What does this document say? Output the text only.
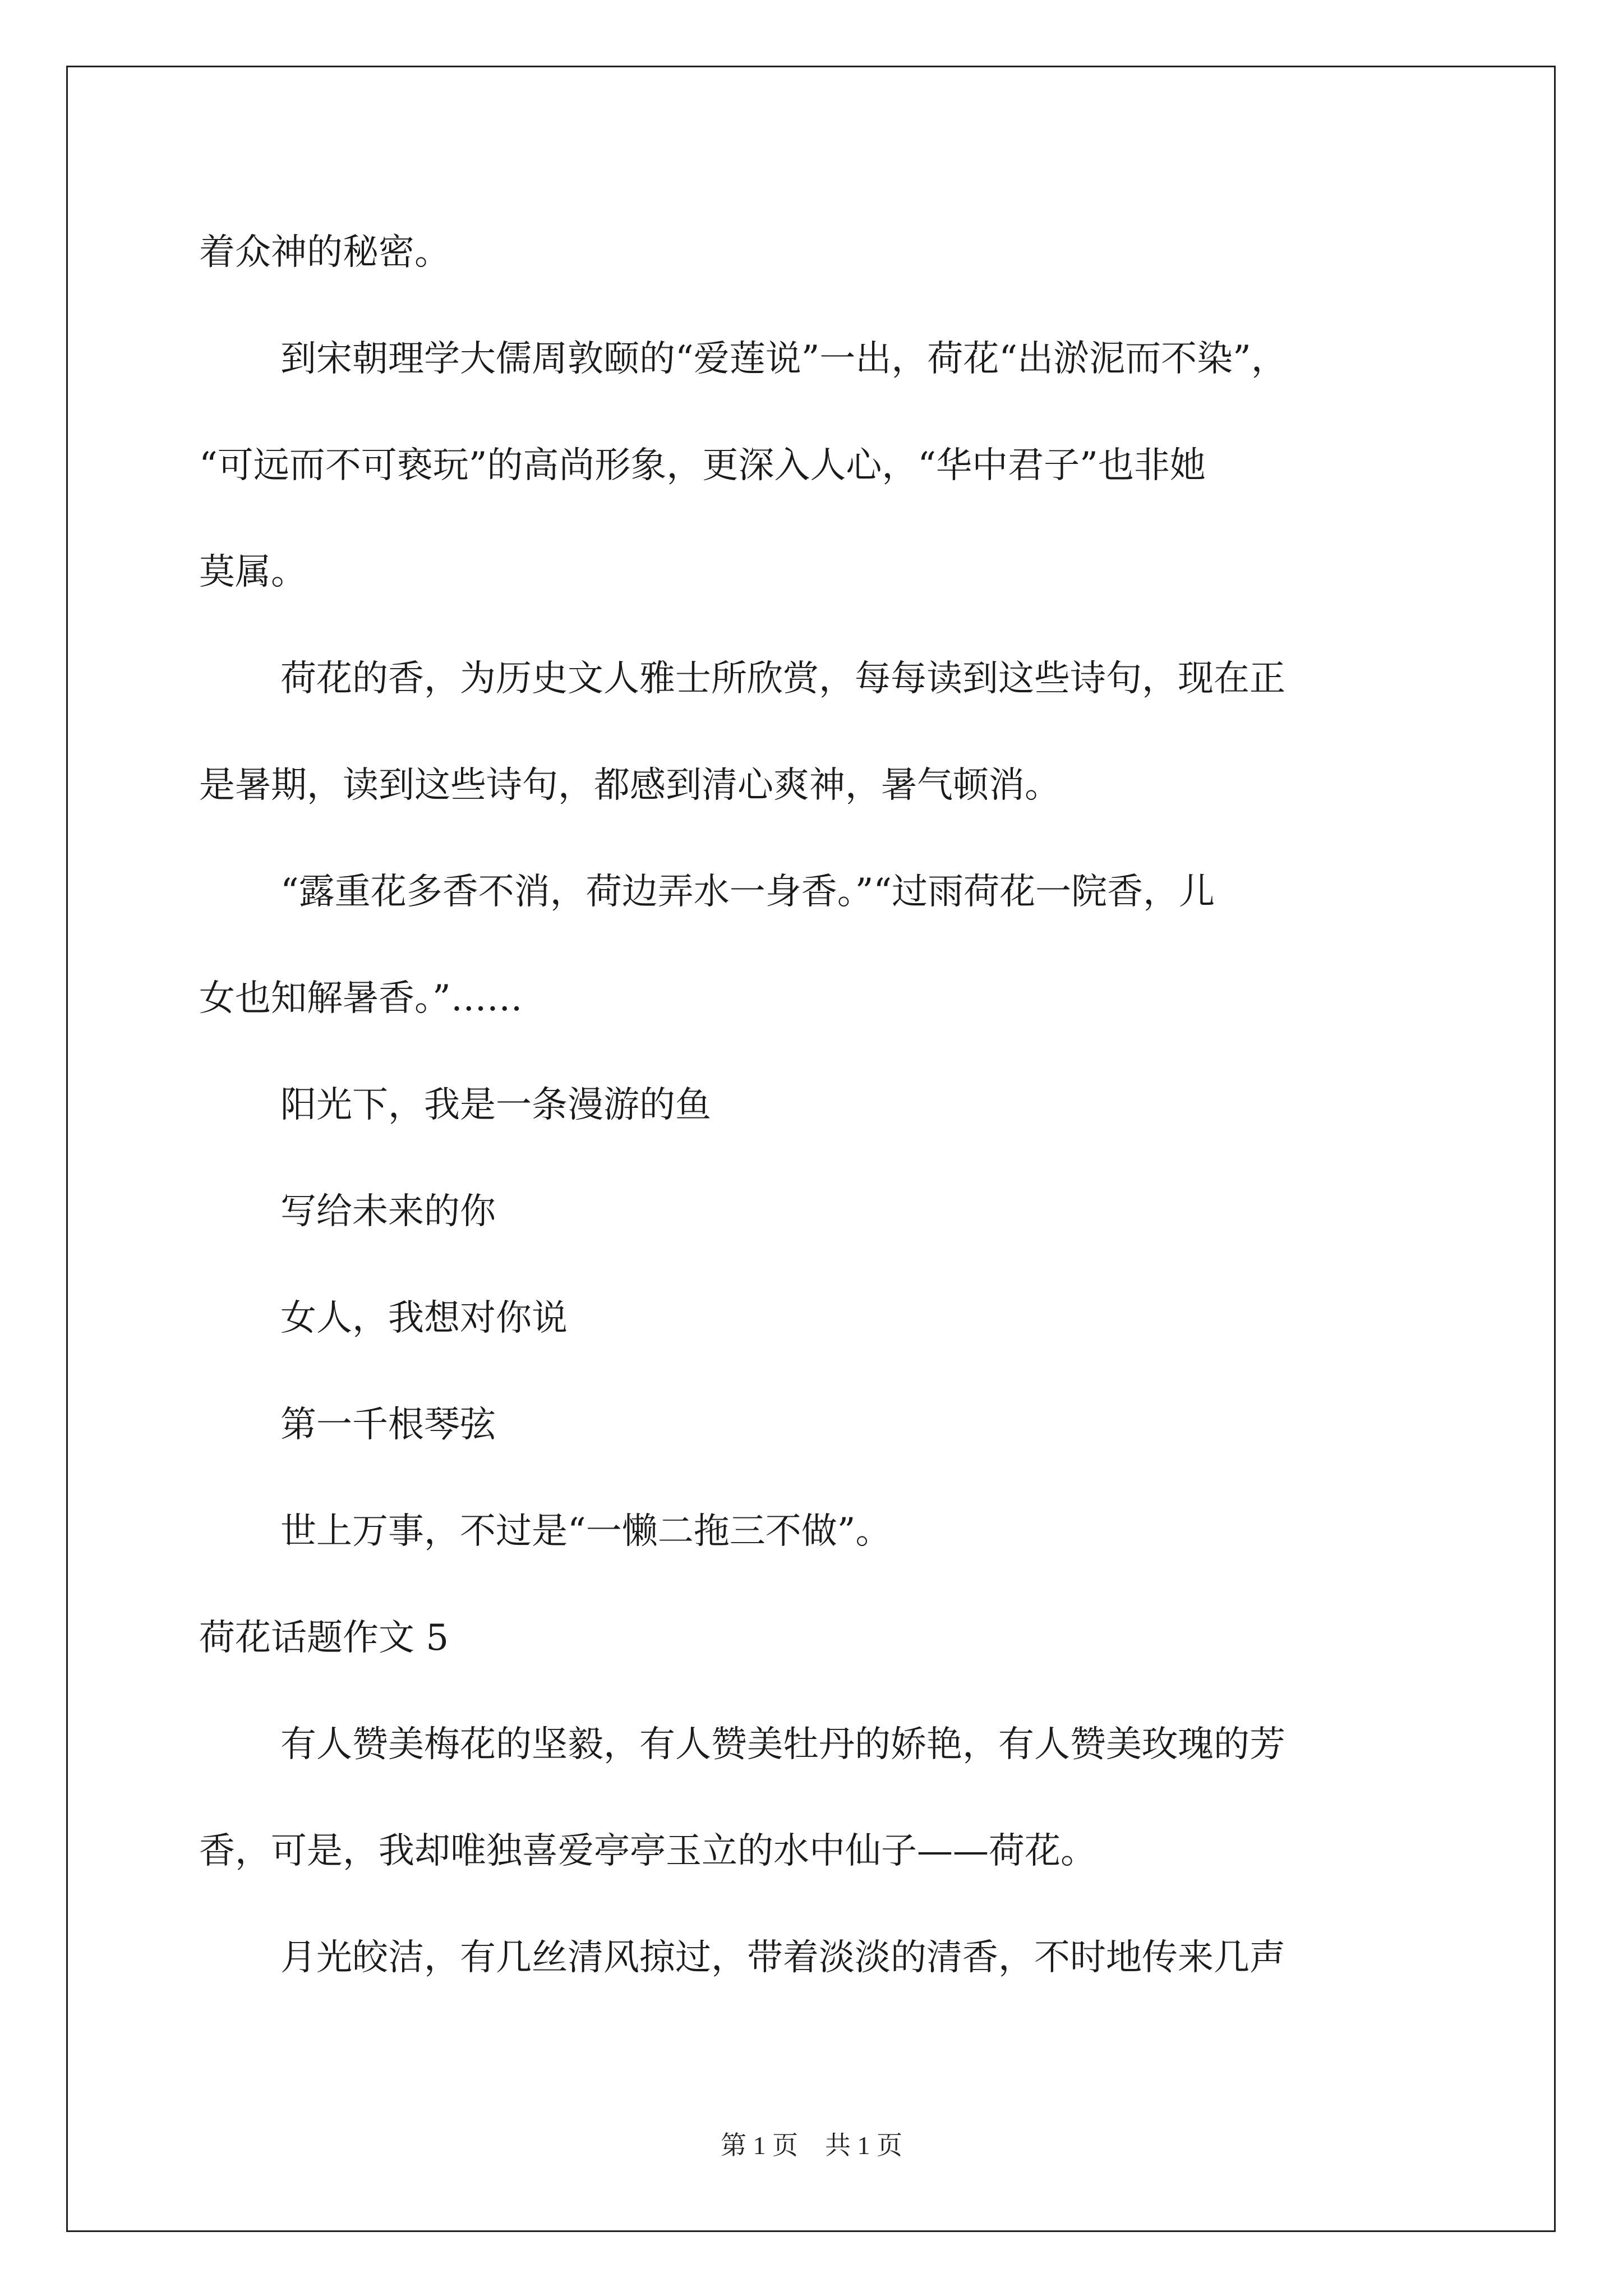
着众神的秘密。
到宋朝理学大儒周敦颐的“爱莲说”一出，荷花“出淤泥而不染”，
“可远而不可亵玩”的高尚形象，更深入人心，“华中君子”也非她
莫属。
荷花的香，为历史文人雅士所欣赏，每每读到这些诗句，现在正
是暑期，读到这些诗句，都感到清心爽神，暑气顿消。
“露重花多香不消，荷边弄水一身香。”“过雨荷花一院香，儿
女也知解暑香。”……
阳光下，我是一条漫游的鱼
写给未来的你
女人，我想对你说
第一千根琴弦
世上万事，不过是“一懒二拖三不做”。
荷花话题作文 5
有人赞美梅花的坚毅，有人赞美牡丹的娇艳，有人赞美玫瑰的芳
香，可是，我却唯独喜爱亭亭玉立的水中仙子——荷花。
月光皎洁，有几丝清风掠过，带着淡淡的清香，不时地传来几声
第 1 页 共 1 页
